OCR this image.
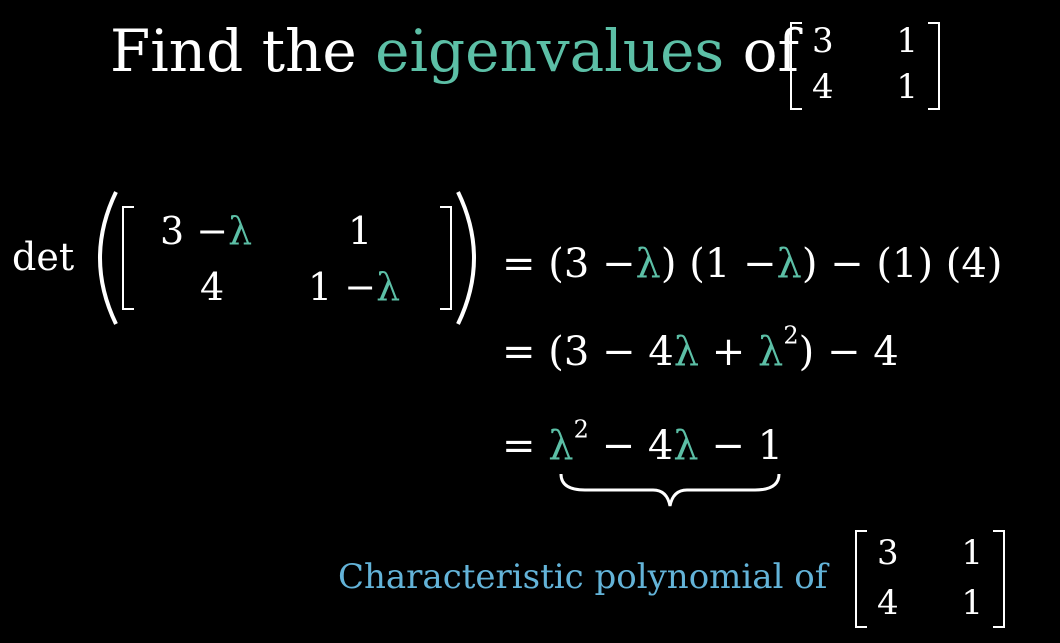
Find the eigenvalues of 3 1
4 1
det
3 −λ	1
4 1 −λ	= (3 −λ) (1 −λ) − (1) (4)
= $(3 - 4\lambda + \lambda^2) - 4$
= $\lambda^2 - 4\lambda - 1$
Characteristic polynomial of
3 1
4 1
